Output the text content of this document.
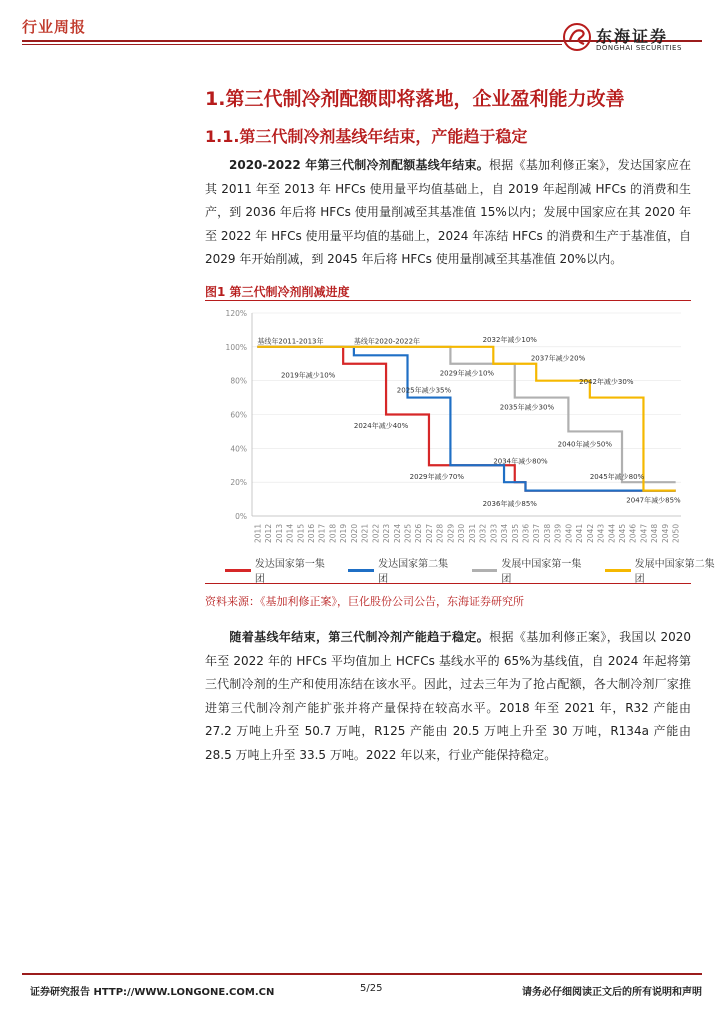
行业周报	东海证券
DONGHAI SECURITIES
1.第三代制冷剂配额即将落地，企业盈利能力改善
1.1.第三代制冷剂基线年结束，产能趋于稳定
  2020-2022 年第三代制冷剂配额基线年结束。根据《基加利修正案》，发达国家应在其 2011 年至 2013 年 HFCs 使用量平均值基础上，自 2019 年起削减 HFCs 的消费和生产，到 2036 年后将 HFCs 使用量削减至其基准值 15%以内；发展中国家应在其 2020 年至 2022 年 HFCs 使用量平均值的基础上，2024 年冻结 HFCs 的消费和生产于基准值，自 2029 年开始削减，到 2045 年后将 HFCs 使用量削减至其基准值 20%以内。
图1 第三代制冷剂削减进度
0%
20%
40%
60%
80%
100%
120%
2011 2012 2013 2014 2015 2016 2017 2018 2019 2020 2021 2022 2023 2024 2025 2026 2027 2028 2029 2030 2031 2032 2033 2034 2035 2036 2037 2038 2039 2040 2041 2042 2043 2044 2045 2046 2047 2048 2049 2050
基线年2011-2013年	基线年2020-2022年	2032年减少10%
2019年减少10%	2029年减少10%
2037年减少20%
2025年减少35%
2042年减少30%
2035年减少30%
2024年减少40%
2040年减少50%
2034年减少80%
2029年减少70%	2045年减少80%
2036年减少85%	2047年减少85%
发达国家第一集团
发达国家第二集团
发展中国家第一集团
发展中国家第二集团
资料来源：《基加利修正案》，巨化股份公司公告，东海证券研究所
  随着基线年结束，第三代制冷剂产能趋于稳定。根据《基加利修正案》，我国以 2020 年至 2022 年的 HFCs 平均值加上 HCFCs 基线水平的 65%为基线值，自 2024 年起将第三代制冷剂的生产和使用冻结在该水平。因此，过去三年为了抢占配额，各大制冷剂厂家推进第三代制冷剂产能扩张并将产量保持在较高水平。2018 年至 2021 年，R32 产能由 27.2 万吨上升至 50.7 万吨，R125 产能由 20.5 万吨上升至 30 万吨，R134a 产能由 28.5 万吨上升至 33.5 万吨。2022 年以来，行业产能保持稳定。
证券研究报告 HTTP://WWW.LONGONE.COM.CN	5/25	请务必仔细阅读正文后的所有说明和声明
